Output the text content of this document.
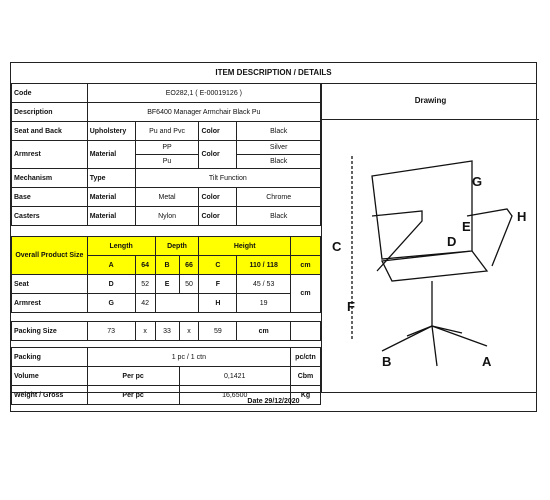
ITEM DESCRIPTION / DETAILS
Code	EO282,1 ( E-00019126 )						
Description	BF6400 Manager Armchair Black Pu						
Seat and Back	Upholstery	Pu and Pvc			Color	Black	
Armrest	Material	PP			Color	Silver	
		Pu				Black	
Mechanism	Type	Tilt Function					
Base	Material	Metal			Color	Chrome	
Casters	Material	Nylon			Color	Black	

Overall Product Size	Length		Depth		Height		
	A	64	B	66	C	110 / 118	cm
Seat	D	52	E	50	F	45 / 53	cm
Armrest	G	42			H	19	

Packing Size	73	x	33	x	59	cm	

Packing	1 pc / 1 ctn						pc/ctn
Volume	Per pc			0,1421			Cbm
Weight / Gross	Per pc			16,6500			Kg
Drawing
C
F
G
H
E
D
B	A
Date 29/12/2020
